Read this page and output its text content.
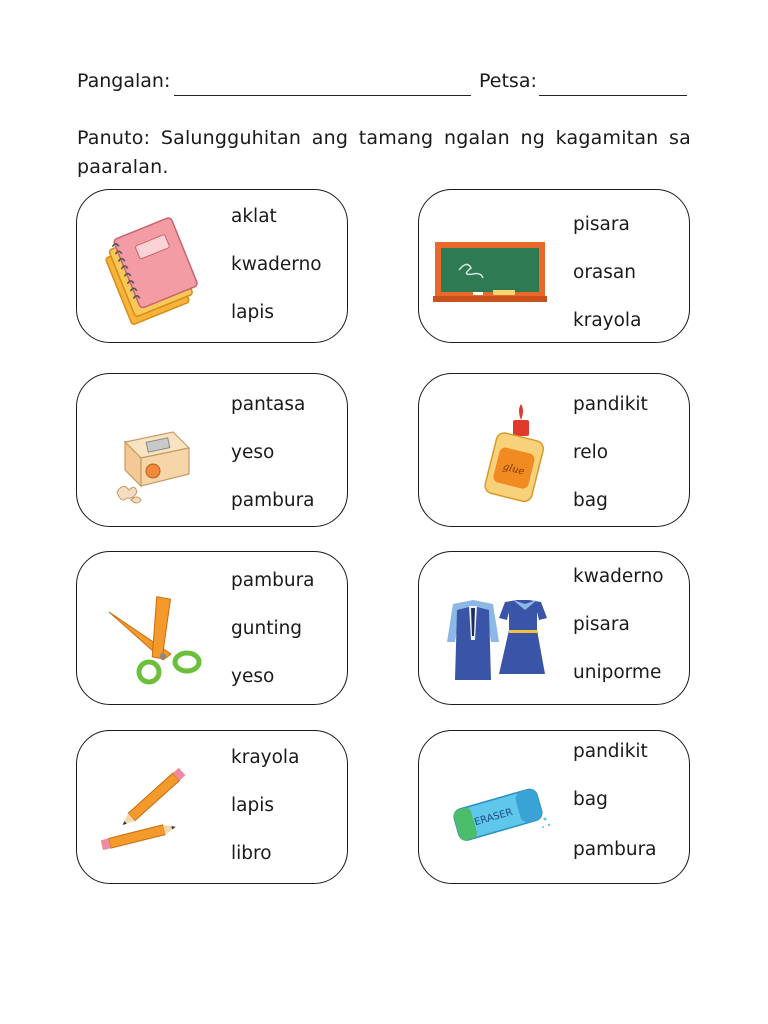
Pangalan:	Petsa:
Panuto: Salungguhitan ang tamang ngalan ng kagamitan sa paaralan.
aklat
kwaderno
lapis
pisara
orasan
krayola
pantasa
yeso
pambura
glue
pandikit
relo
bag
pambura
gunting
yeso
kwaderno
pisara
uniporme
krayola
lapis
libro
ERASER
pandikit
bag
pambura
